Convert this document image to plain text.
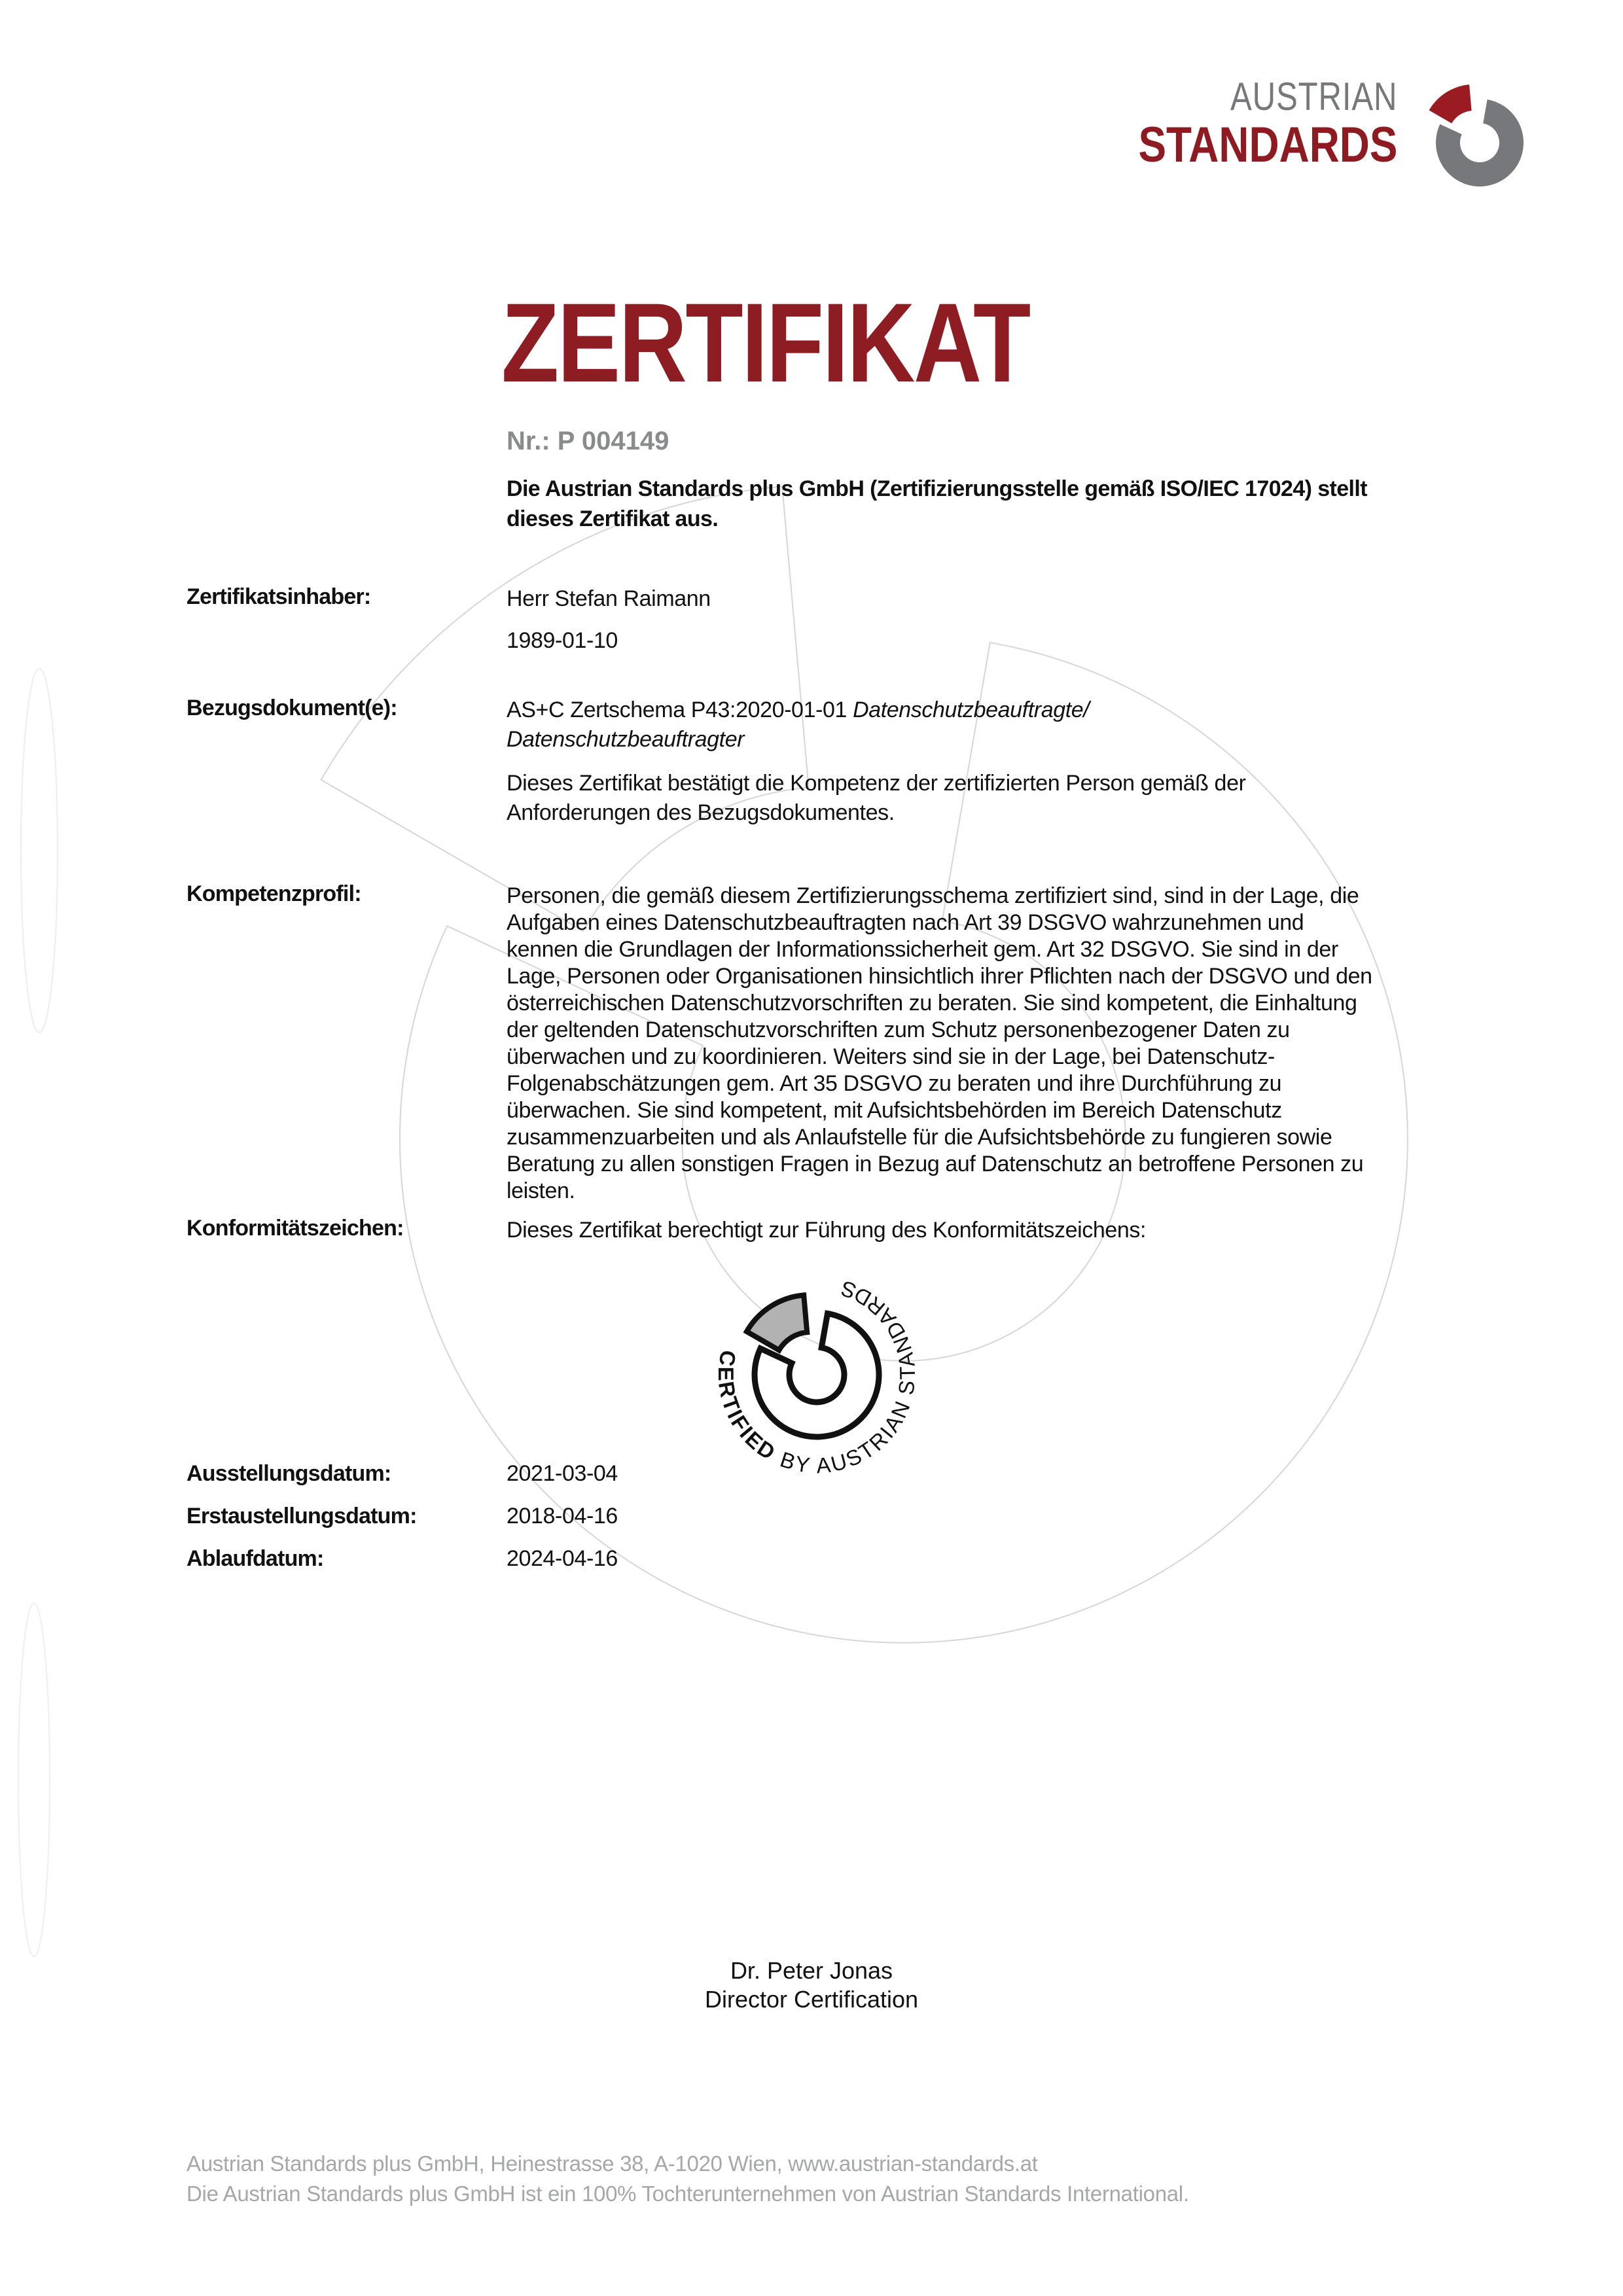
AUSTRIAN
STANDARDS
ZERTIFIKAT
Nr.: P 004149
Die Austrian Standards plus GmbH (Zertifizierungsstelle gemäß ISO/IEC 17024) stellt dieses Zertifikat aus.
Zertifikatsinhaber:	Herr Stefan Raimann
1989-01-10
Bezugsdokument(e):	AS+C Zertschema P43:2020-01-01 Datenschutzbeauftragte/ Datenschutzbeauftragter
Dieses Zertifikat bestätigt die Kompetenz der zertifizierten Person gemäß der Anforderungen des Bezugsdokumentes.
Kompetenzprofil:	Personen, die gemäß diesem Zertifizierungsschema zertifiziert sind, sind in der Lage, die Aufgaben eines Datenschutzbeauftragten nach Art 39 DSGVO wahrzunehmen und kennen die Grundlagen der Informationssicherheit gem. Art 32 DSGVO. Sie sind in der Lage, Personen oder Organisationen hinsichtlich ihrer Pflichten nach der DSGVO und den österreichischen Datenschutzvorschriften zu beraten. Sie sind kompetent, die Einhaltung der geltenden Datenschutzvorschriften zum Schutz personenbezogener Daten zu überwachen und zu koordinieren. Weiters sind sie in der Lage, bei Datenschutz-Folgenabschätzungen gem. Art 35 DSGVO zu beraten und ihre Durchführung zu überwachen. Sie sind kompetent, mit Aufsichtsbehörden im Bereich Datenschutz zusammenzuarbeiten und als Anlaufstelle für die Aufsichtsbehörde zu fungieren sowie Beratung zu allen sonstigen Fragen in Bezug auf Datenschutz an betroffene Personen zu leisten.
Konformitätszeichen:	Dieses Zertifikat berechtigt zur Führung des Konformitätszeichens:
CERTIFIEDBY AUSTRIAN STANDARDS
Ausstellungsdatum:	2021-03-04
Erstaustellungsdatum:	2018-04-16
Ablaufdatum:	2024-04-16
Dr. Peter Jonas
Director Certification
Austrian Standards plus GmbH, Heinestrasse 38, A-1020 Wien, www.austrian-standards.at
Die Austrian Standards plus GmbH ist ein 100% Tochterunternehmen von Austrian Standards International.
